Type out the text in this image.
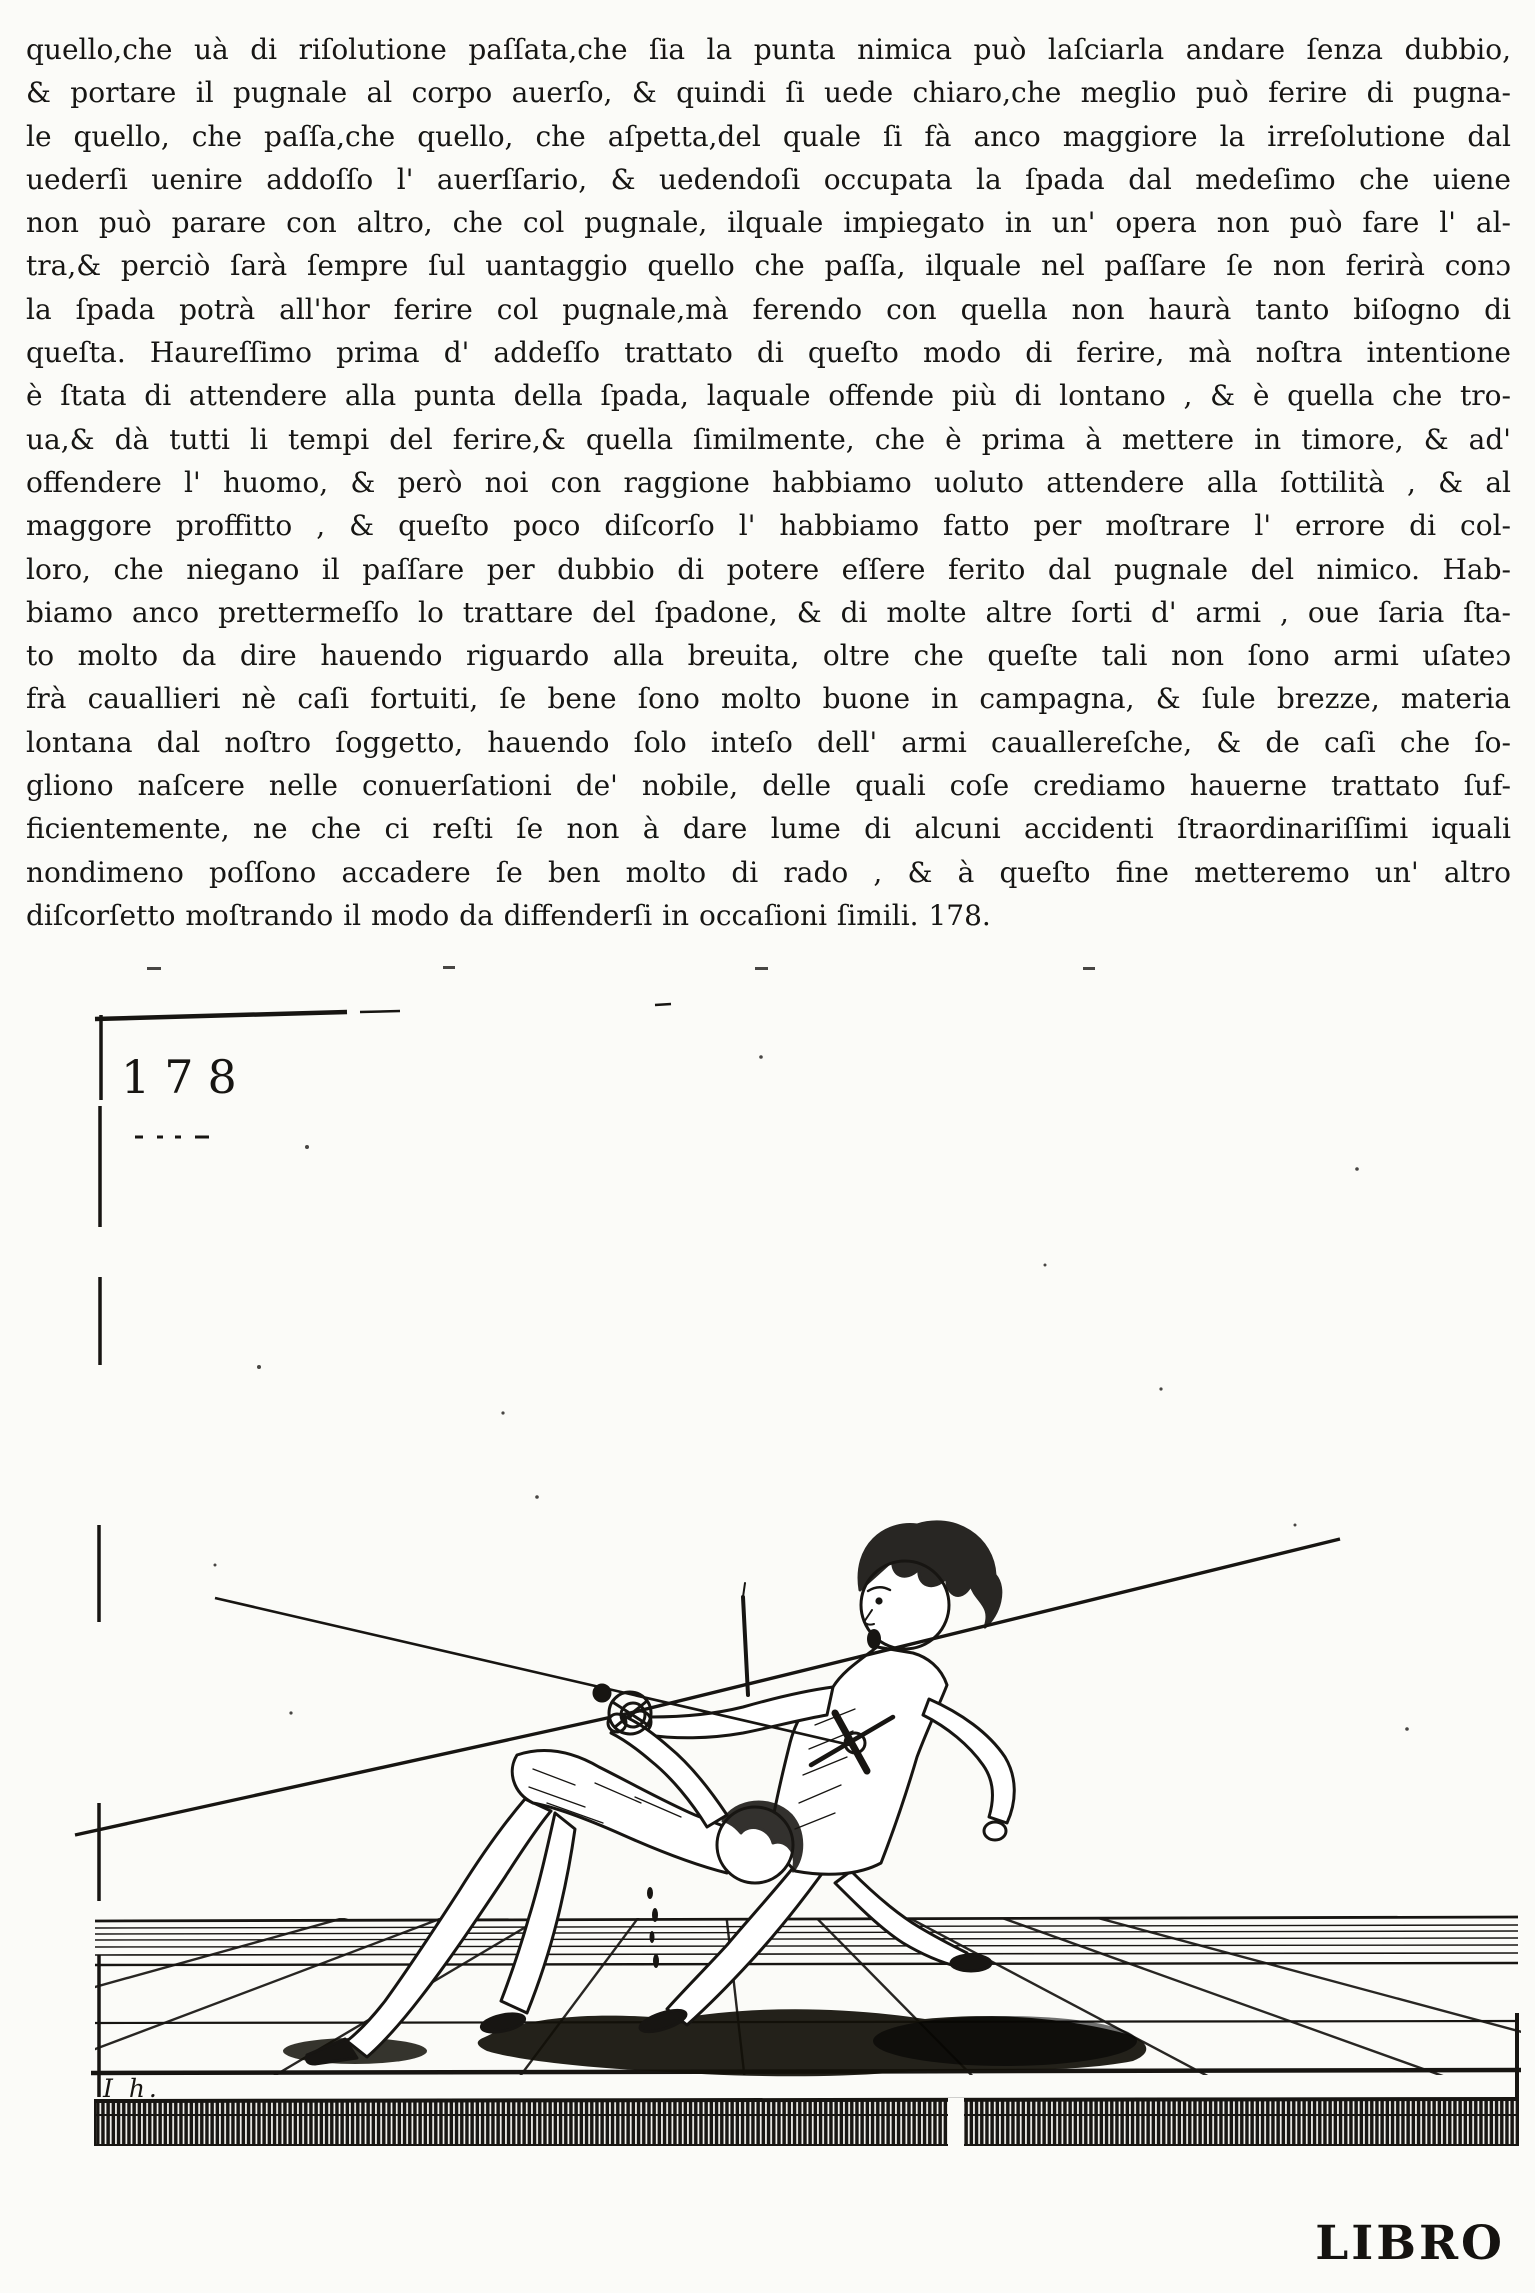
quello,che uà di riſolutione paſſata,che ſia la punta nimica può laſciarla andare ſenza dubbio,

& portare il pugnale al corpo auerſo, & quindi ſi uede chiaro,che meglio può ferire di pugna-

le quello, che paſſa,che quello, che aſpetta,del quale ſi fà anco maggiore la irreſolutione dal

uederſi uenire addoſſo l' auerſſario, & uedendoſi occupata la ſpada dal medeſimo che uiene

non può parare con altro, che col pugnale, ilquale impiegato in un' opera non può fare l' al-

tra,& perciò ſarà ſempre ſul uantaggio quello che paſſa, ilquale nel paſſare ſe non ferirà conɔ

la ſpada potrà all'hor ferire col pugnale,mà ferendo con quella non haurà tanto biſogno di

queſta. Haureſſimo prima d' addeſſo trattato di queſto modo di ferire, mà noſtra intentione

è ſtata di attendere alla punta della ſpada, laquale offende più di lontano , & è quella che tro-

ua,& dà tutti li tempi del ferire,& quella ſimilmente, che è prima à mettere in timore, & ad'

offendere l' huomo, & però noi con raggione habbiamo uoluto attendere alla ſottilità , & al

maggore proffitto , & queſto poco diſcorſo l' habbiamo fatto per moſtrare l' errore di col-

loro, che niegano il paſſare per dubbio di potere eſſere ferito dal pugnale del nimico. Hab-

biamo anco prettermeſſo lo trattare del ſpadone, & di molte altre ſorti d' armi , oue ſaria ſta-

to molto da dire hauendo riguardo alla breuita, oltre che queſte tali non ſono armi uſateɔ

frà cauallieri nè caſi fortuiti, ſe bene ſono molto buone in campagna, & ſule brezze, materia

lontana dal noſtro ſoggetto, hauendo ſolo inteſo dell' armi cauallereſche, & de caſi che ſo-

gliono naſcere nelle conuerſationi de' nobile, delle quali coſe crediamo hauerne trattato ſuf-

ficientemente, ne che ci reſti ſe non à dare lume di alcuni accidenti ſtraordinariſſimi iquali

nondimeno poſſono accadere ſe ben molto di rado , & à queſto fine metteremo un' altro

diſcorſetto moſtrando il modo da diffenderſi in occaſioni ſimili. 178.

178
I h.
LIBRO
